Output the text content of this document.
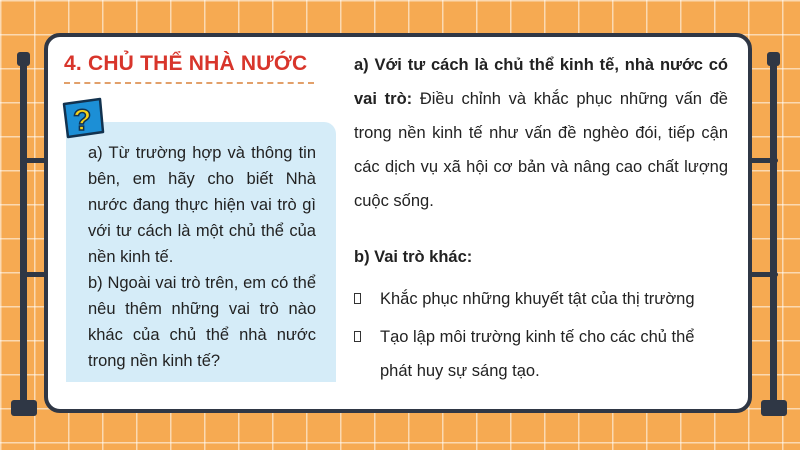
4. CHỦ THỂ NHÀ NƯỚC
?

a) Từ trường hợp và thông tin bên, em hãy cho biết Nhà nước đang thực hiện vai trò gì với tư cách là một chủ thể của nền kinh tế.

b) Ngoài vai trò trên, em có thể nêu thêm những vai trò nào khác của chủ thể nhà nước trong nền kinh tế?

a) Với tư cách là chủ thể kinh tế, nhà nước có vai trò: Điều chỉnh và khắc phục những vấn đề trong nền kinh tế như vấn đề nghèo đói, tiếp cận các dịch vụ xã hội cơ bản và nâng cao chất lượng cuộc sống.

b) Vai trò khác:
Khắc phục những khuyết tật của thị trường
Tạo lập môi trường kinh tế cho các chủ thể phát huy sự sáng tạo.
